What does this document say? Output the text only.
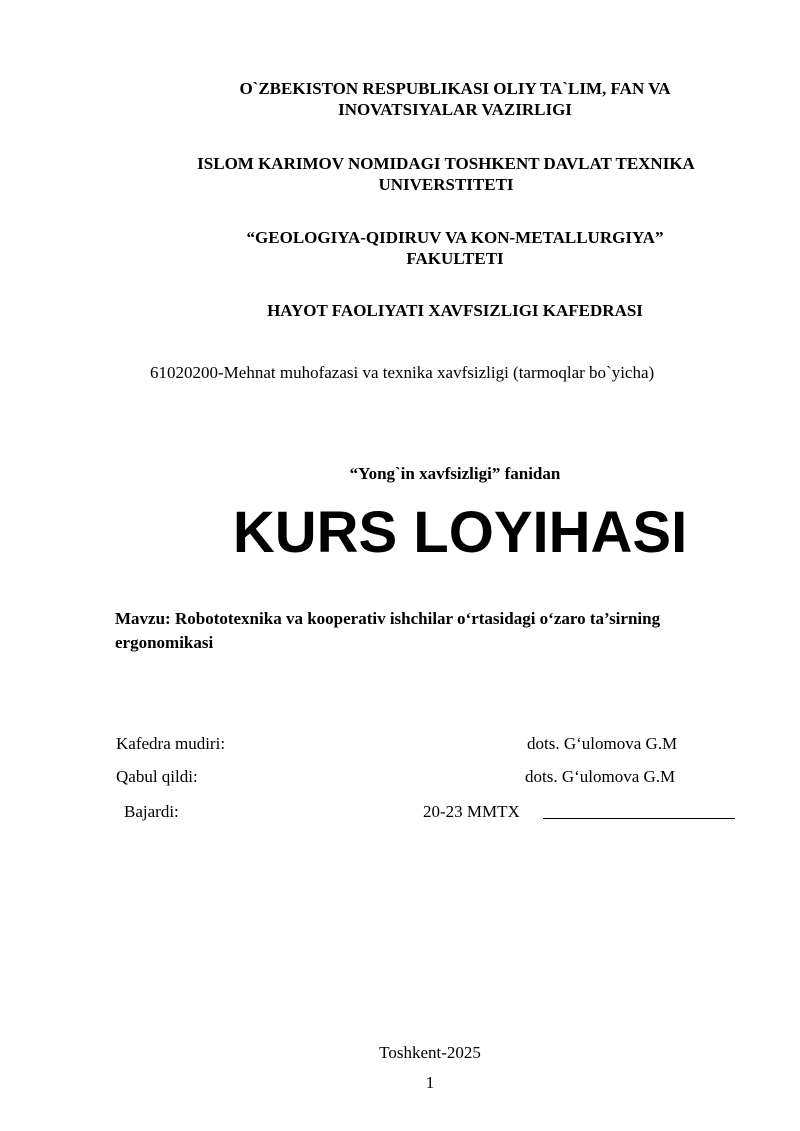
O`ZBEKISTON RESPUBLIKASI OLIY TA`LIM, FAN VA INOVATSIYALAR VAZIRLIGI
ISLOM KARIMOV NOMIDAGI TOSHKENT DAVLAT TEXNIKA UNIVERSTITETI
“GEOLOGIYA-QIDIRUV VA KON-METALLURGIYA” FAKULTETI
HAYOT FAOLIYATI XAVFSIZLIGI KAFEDRASI
61020200-Mehnat muhofazasi va texnika xavfsizligi (tarmoqlar bo`yicha)
“Yong`in xavfsizligi” fanidan
KURS LOYIHASI
Mavzu: Robototexnika va kooperativ ishchilar o‘rtasidagi o‘zaro ta’sirning ergonomikasi
Kafedra mudiri:	dots. G‘ulomova G.M
Qabul qildi:	dots. G‘ulomova G.M
Bajardi:	20-23 MMTX
Toshkent-2025
1
